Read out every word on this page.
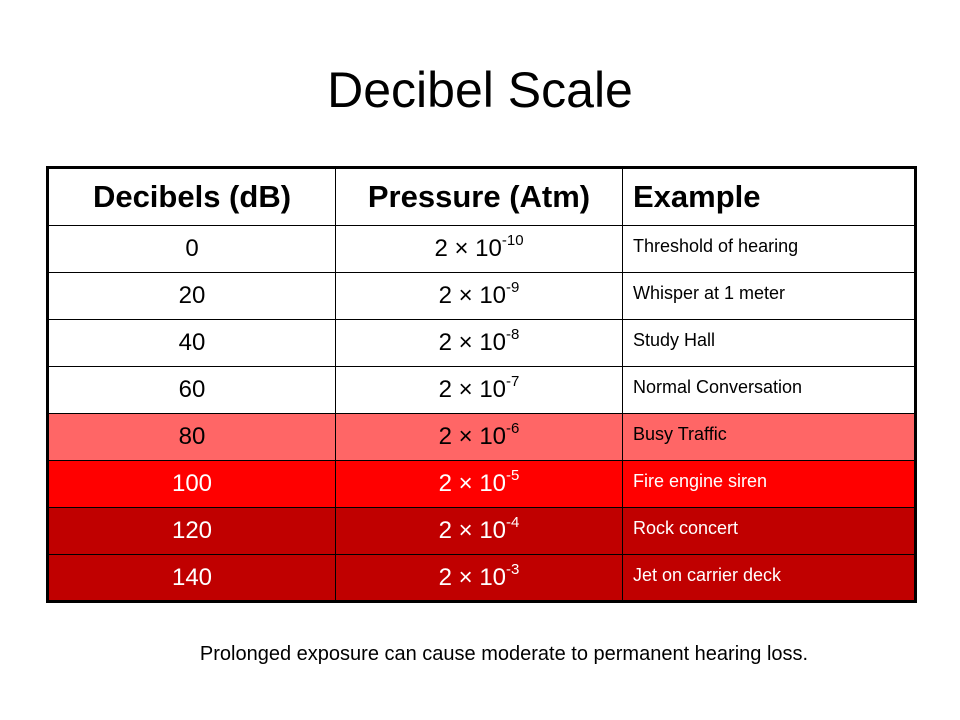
Decibel Scale
Decibels (dB)	Pressure (Atm)	Example
0	$2 \times 10^{-10}$	Threshold of hearing
20	$2 \times 10^{-9}$	Whisper at 1 meter
40	$2 \times 10^{-8}$	Study Hall
60	$2 \times 10^{-7}$	Normal Conversation
80	$2 \times 10^{-6}$	Busy Traffic
100	$2 \times 10^{-5}$	Fire engine siren
120	$2 \times 10^{-4}$	Rock concert
140	$2 \times 10^{-3}$	Jet on carrier deck
Prolonged exposure can cause moderate to permanent hearing loss.
